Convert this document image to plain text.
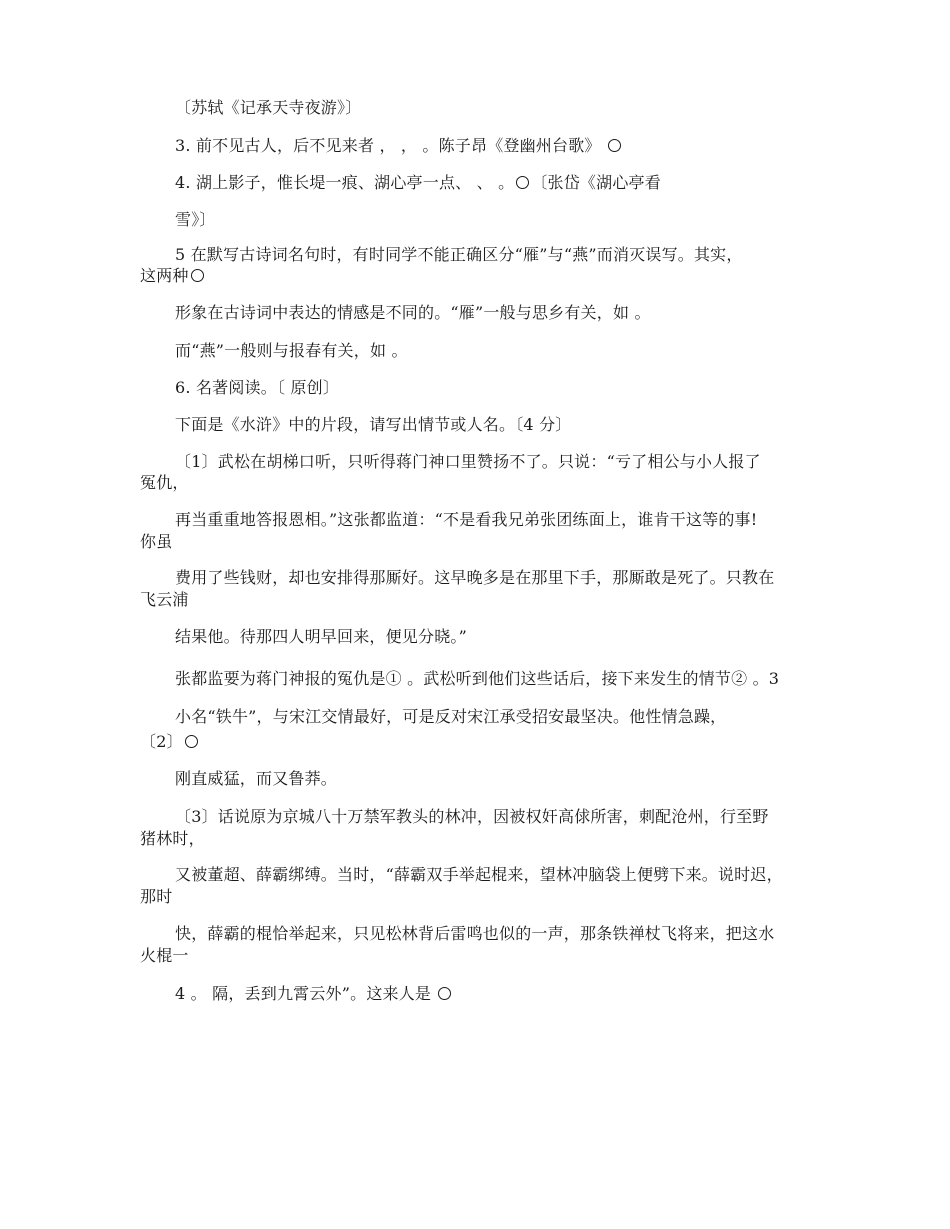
〔苏轼《记承天寺夜游》〕
3. 前不见古人，后不见来者 ， ， 。陈子昂《登幽州台歌》
4. 湖上影子，惟长堤一痕、湖心亭一点、 、 。 ○ 〔张岱《湖心亭看
雪》〕
5 在默写古诗词名句时，有时同学不能正确区分“雁”与“燕”而消灭误写。其实，
这两种
形象在古诗词中表达的情感是不同的。“雁”一般与思乡有关，如 。
而“燕”一般则与报春有关，如 。
6. 名著阅读。〔 原创〕
下面是《水浒》中的片段，请写出情节或人名。〔4 分〕
〔1〕武松在胡梯口听，只听得蒋门神口里赞扬不了。只说：“亏了相公与小人报了
冤仇，
再当重重地答报恩相。”这张都监道：“不是看我兄弟张团练面上，谁肯干这等的事!
你虽
费用了些钱财，却也安排得那厮好。这早晚多是在那里下手，那厮敢是死了。只教在
飞云浦
结果他。待那四人明早回来，便见分晓。”
张都监要为蒋门神报的冤仇是① 。武松听到他们这些话后，接下来发生的情节② 。3
小名“铁牛”，与宋江交情最好，可是反对宋江承受招安最坚决。他性情急躁，
〔2〕
刚直威猛，而又鲁莽。
〔3〕话说原为京城八十万禁军教头的林冲，因被权奸高俅所害，刺配沧州，行至野
猪林时，
又被董超、薛霸绑缚。当时，“薛霸双手举起棍来，望林冲脑袋上便劈下来。说时迟，
那时
快，薛霸的棍恰举起来，只见松林背后雷鸣也似的一声，那条铁禅杖飞将来，把这水
火棍一
4 。 隔，丢到九霄云外”。这来人是
